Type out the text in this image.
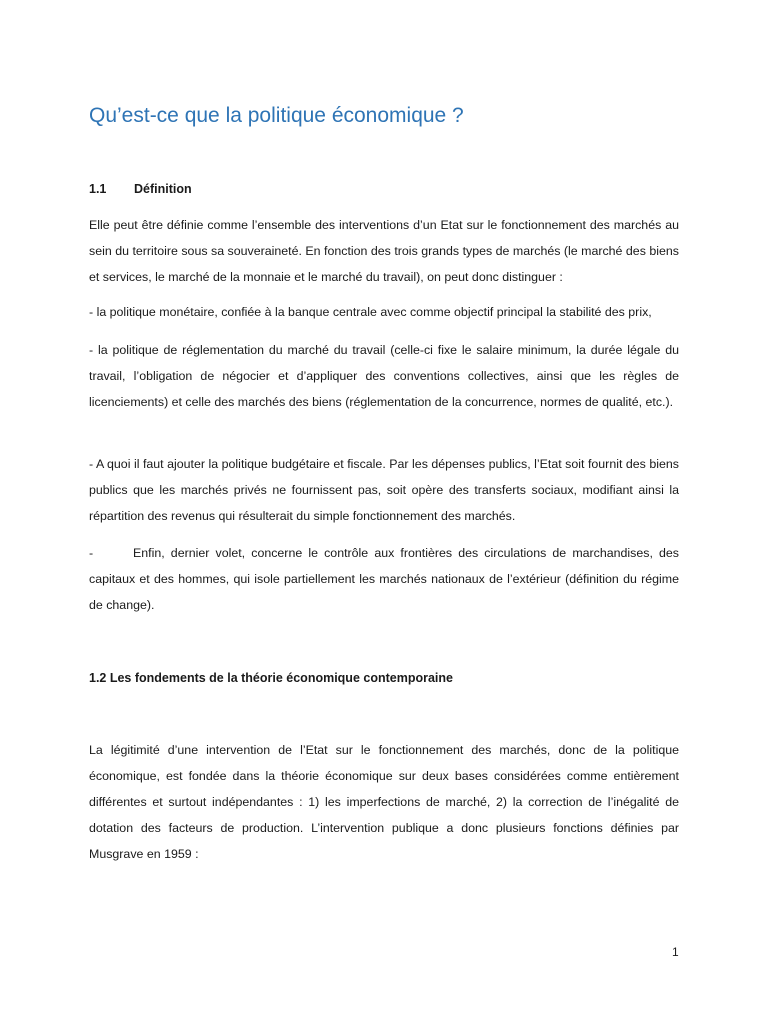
Qu’est-ce que la politique économique ?
1.1 Définition

Elle peut être définie comme l’ensemble des interventions d’un Etat sur le fonctionnement des marchés au sein du territoire sous sa souveraineté. En fonction des trois grands types de marchés (le marché des biens et services, le marché de la monnaie et le marché du travail), on peut donc distinguer :

- la politique monétaire, confiée à la banque centrale avec comme objectif principal la stabilité des prix,

- la politique de réglementation du marché du travail (celle-ci fixe le salaire minimum, la durée légale du travail, l’obligation de négocier et d’appliquer des conventions collectives, ainsi que les règles de licenciements) et celle des marchés des biens (réglementation de la concurrence, normes de qualité, etc.).

- A quoi il faut ajouter la politique budgétaire et fiscale. Par les dépenses publics, l’Etat soit fournit des biens publics que les marchés privés ne fournissent pas, soit opère des transferts sociaux, modifiant ainsi la répartition des revenus qui résulterait du simple fonctionnement des marchés.

-	Enfin, dernier volet, concerne le contrôle aux frontières des circulations de marchandises, des capitaux et des hommes, qui isole partiellement les marchés nationaux de l’extérieur (définition du régime de change).

1.2 Les fondements de la théorie économique contemporaine

La légitimité d’une intervention de l’Etat sur le fonctionnement des marchés, donc de la politique économique, est fondée dans la théorie économique sur deux bases considérées comme entièrement différentes et surtout indépendantes : 1) les imperfections de marché, 2) la correction de l’inégalité de dotation des facteurs de production. L’intervention publique a donc plusieurs fonctions définies par Musgrave en 1959 :

1
